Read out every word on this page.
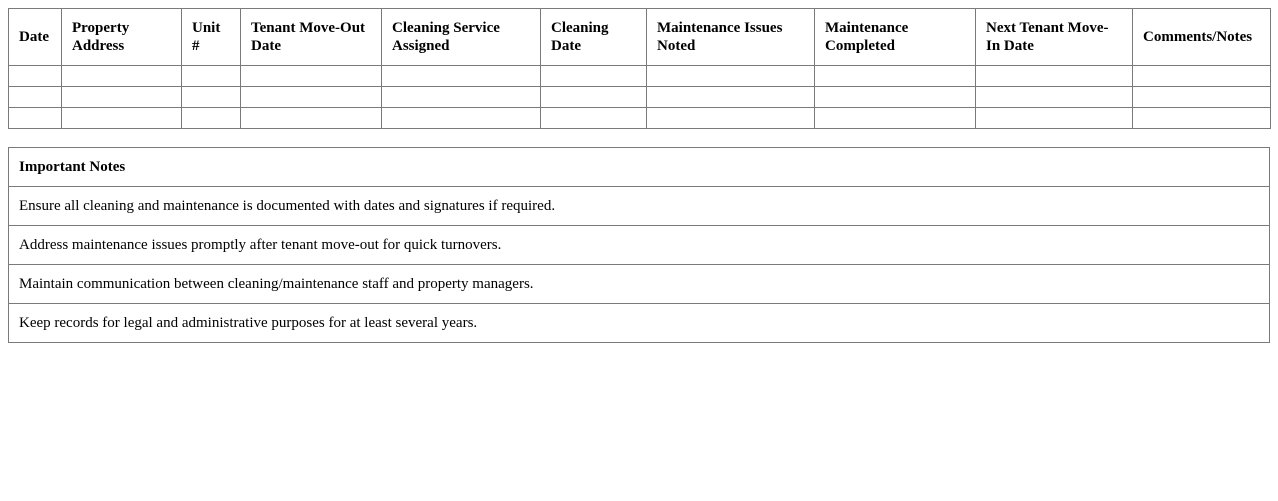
Date	Property Address	Unit #	Tenant Move-Out Date	Cleaning Service Assigned	Cleaning Date	Maintenance Issues Noted	Maintenance Completed	Next Tenant Move-In Date	Comments/Notes

Important Notes
Ensure all cleaning and maintenance is documented with dates and signatures if required.
Address maintenance issues promptly after tenant move-out for quick turnovers.
Maintain communication between cleaning/maintenance staff and property managers.
Keep records for legal and administrative purposes for at least several years.
